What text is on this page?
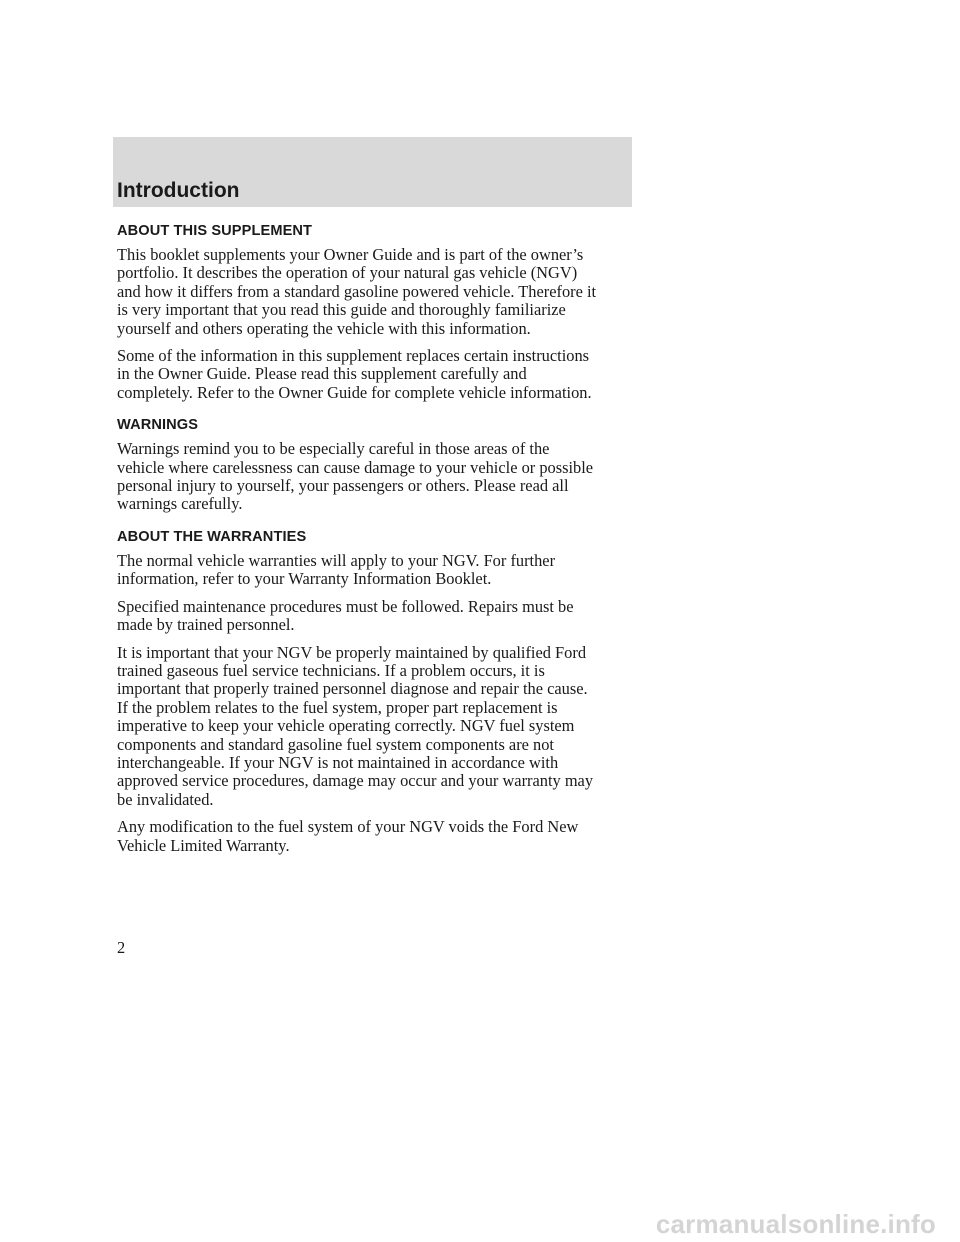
Introduction
ABOUT THIS SUPPLEMENT

This booklet supplements your Owner Guide and is part of the owner’s
portfolio. It describes the operation of your natural gas vehicle (NGV)
and how it differs from a standard gasoline powered vehicle. Therefore it
is very important that you read this guide and thoroughly familiarize
yourself and others operating the vehicle with this information.

Some of the information in this supplement replaces certain instructions
in the Owner Guide. Please read this supplement carefully and
completely. Refer to the Owner Guide for complete vehicle information.

WARNINGS

Warnings remind you to be especially careful in those areas of the
vehicle where carelessness can cause damage to your vehicle or possible
personal injury to yourself, your passengers or others. Please read all
warnings carefully.

ABOUT THE WARRANTIES

The normal vehicle warranties will apply to your NGV. For further
information, refer to your Warranty Information Booklet.

Specified maintenance procedures must be followed. Repairs must be
made by trained personnel.

It is important that your NGV be properly maintained by qualified Ford
trained gaseous fuel service technicians. If a problem occurs, it is
important that properly trained personnel diagnose and repair the cause.
If the problem relates to the fuel system, proper part replacement is
imperative to keep your vehicle operating correctly. NGV fuel system
components and standard gasoline fuel system components are not
interchangeable. If your NGV is not maintained in accordance with
approved service procedures, damage may occur and your warranty may
be invalidated.

Any modification to the fuel system of your NGV voids the Ford New
Vehicle Limited Warranty.

2

carmanualsonline.info
